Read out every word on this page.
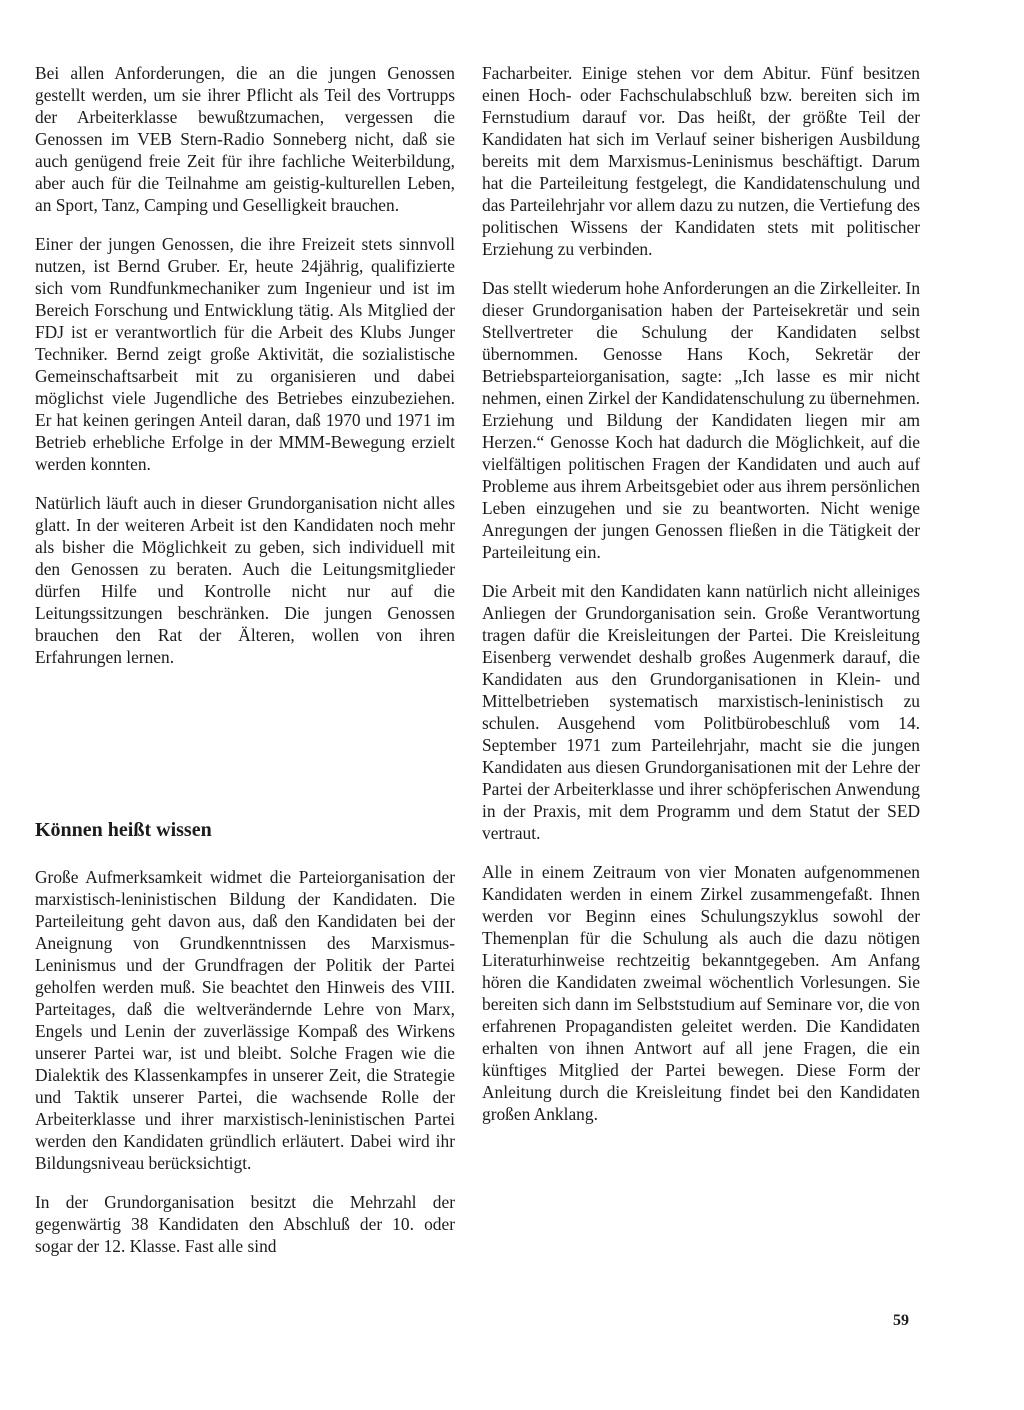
Bei allen Anforderungen, die an die jungen Genossen gestellt werden, um sie ihrer Pflicht als Teil des Vortrupps der Arbeiterklasse bewußtzumachen, vergessen die Genossen im VEB Stern-Radio Sonneberg nicht, daß sie auch genügend freie Zeit für ihre fachliche Weiterbildung, aber auch für die Teilnahme am geistig-kulturellen Leben, an Sport, Tanz, Camping und Geselligkeit brauchen.

Einer der jungen Genossen, die ihre Freizeit stets sinnvoll nutzen, ist Bernd Gruber. Er, heute 24jährig, qualifizierte sich vom Rundfunkmechaniker zum Ingenieur und ist im Bereich Forschung und Entwicklung tätig. Als Mitglied der FDJ ist er verantwortlich für die Arbeit des Klubs Junger Techniker. Bernd zeigt große Aktivität, die sozialistische Gemeinschaftsarbeit mit zu organisieren und dabei möglichst viele Jugendliche des Betriebes einzubeziehen. Er hat keinen geringen Anteil daran, daß 1970 und 1971 im Betrieb erhebliche Erfolge in der MMM-Bewegung erzielt werden konnten.

Natürlich läuft auch in dieser Grundorganisation nicht alles glatt. In der weiteren Arbeit ist den Kandidaten noch mehr als bisher die Möglichkeit zu geben, sich individuell mit den Genossen zu beraten. Auch die Leitungsmitglieder dürfen Hilfe und Kontrolle nicht nur auf die Leitungssitzungen beschränken. Die jungen Genossen brauchen den Rat der Älteren, wollen von ihren Erfahrungen lernen.

Können heißt wissen

Große Aufmerksamkeit widmet die Parteiorganisation der marxistisch-leninistischen Bildung der Kandidaten. Die Parteileitung geht davon aus, daß den Kandidaten bei der Aneignung von Grundkenntnissen des Marxismus-Leninismus und der Grundfragen der Politik der Partei geholfen werden muß. Sie beachtet den Hinweis des VIII. Parteitages, daß die weltverändernde Lehre von Marx, Engels und Lenin der zuverlässige Kompaß des Wirkens unserer Partei war, ist und bleibt. Solche Fragen wie die Dialektik des Klassenkampfes in unserer Zeit, die Strategie und Taktik unserer Partei, die wachsende Rolle der Arbeiterklasse und ihrer marxistisch-leninistischen Partei werden den Kandidaten gründlich erläutert. Dabei wird ihr Bildungsniveau berücksichtigt.

In der Grundorganisation besitzt die Mehrzahl der gegenwärtig 38 Kandidaten den Abschluß der 10. oder sogar der 12. Klasse. Fast alle sind

Facharbeiter. Einige stehen vor dem Abitur. Fünf besitzen einen Hoch- oder Fachschulabschluß bzw. bereiten sich im Fernstudium darauf vor. Das heißt, der größte Teil der Kandidaten hat sich im Verlauf seiner bisherigen Ausbildung bereits mit dem Marxismus-Leninismus beschäftigt. Darum hat die Parteileitung festgelegt, die Kandidatenschulung und das Parteilehrjahr vor allem dazu zu nutzen, die Vertiefung des politischen Wissens der Kandidaten stets mit politischer Erziehung zu verbinden.

Das stellt wiederum hohe Anforderungen an die Zirkelleiter. In dieser Grundorganisation haben der Parteisekretär und sein Stellvertreter die Schulung der Kandidaten selbst übernommen. Genosse Hans Koch, Sekretär der Betriebsparteiorganisation, sagte: „Ich lasse es mir nicht nehmen, einen Zirkel der Kandidatenschulung zu übernehmen. Erziehung und Bildung der Kandidaten liegen mir am Herzen.“ Genosse Koch hat dadurch die Möglichkeit, auf die vielfältigen politischen Fragen der Kandidaten und auch auf Probleme aus ihrem Arbeitsgebiet oder aus ihrem persönlichen Leben einzugehen und sie zu beantworten. Nicht wenige Anregungen der jungen Genossen fließen in die Tätigkeit der Parteileitung ein.

Die Arbeit mit den Kandidaten kann natürlich nicht alleiniges Anliegen der Grundorganisation sein. Große Verantwortung tragen dafür die Kreisleitungen der Partei. Die Kreisleitung Eisenberg verwendet deshalb großes Augenmerk darauf, die Kandidaten aus den Grundorganisationen in Klein- und Mittelbetrieben systematisch marxistisch-leninistisch zu schulen. Ausgehend vom Politbürobeschluß vom 14. September 1971 zum Parteilehrjahr, macht sie die jungen Kandidaten aus diesen Grundorganisationen mit der Lehre der Partei der Arbeiterklasse und ihrer schöpferischen Anwendung in der Praxis, mit dem Programm und dem Statut der SED vertraut.

Alle in einem Zeitraum von vier Monaten aufgenommenen Kandidaten werden in einem Zirkel zusammengefaßt. Ihnen werden vor Beginn eines Schulungszyklus sowohl der Themenplan für die Schulung als auch die dazu nötigen Literaturhinweise rechtzeitig bekanntgegeben. Am Anfang hören die Kandidaten zweimal wöchentlich Vorlesungen. Sie bereiten sich dann im Selbststudium auf Seminare vor, die von erfahrenen Propagandisten geleitet werden. Die Kandidaten erhalten von ihnen Antwort auf all jene Fragen, die ein künftiges Mitglied der Partei bewegen. Diese Form der Anleitung durch die Kreisleitung findet bei den Kandidaten großen Anklang.

59
